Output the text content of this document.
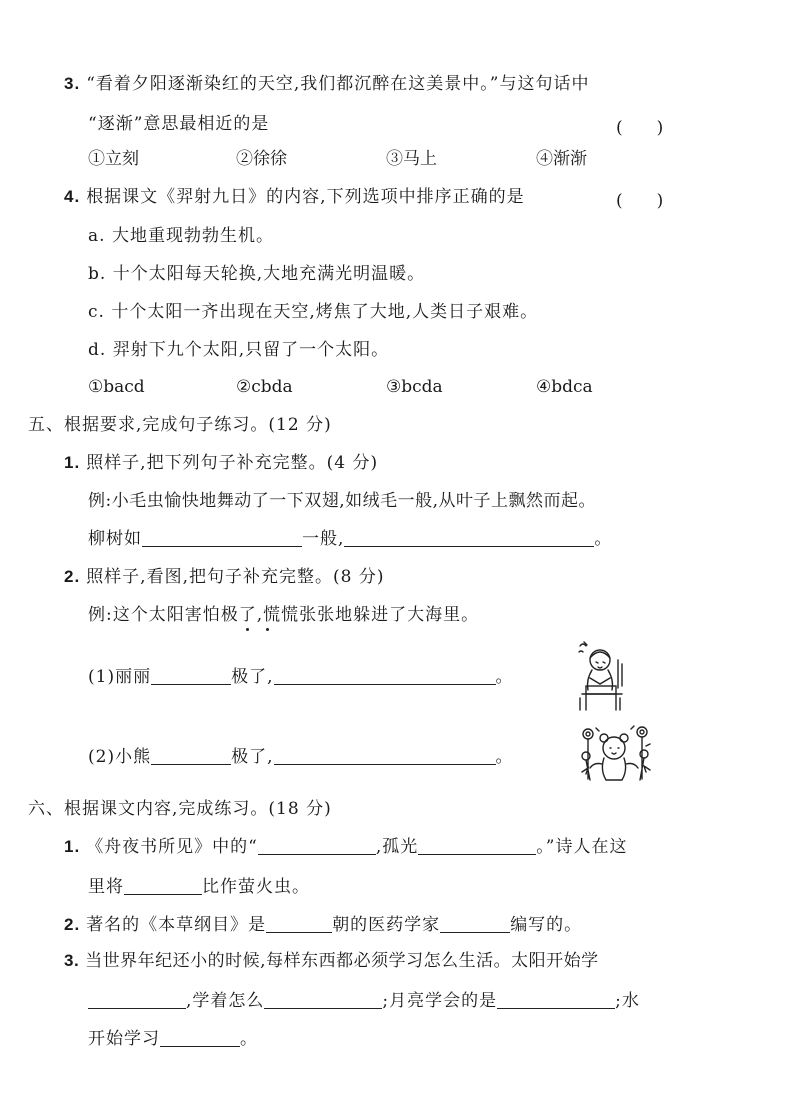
3. “看着夕阳逐渐染红的天空,我们都沉醉在这美景中。”与这句话中
“逐渐”意思最相近的是	(　　)
①立刻	②徐徐	③马上	④渐渐
4. 根据课文《羿射九日》的内容,下列选项中排序正确的是	(　　)
a. 大地重现勃勃生机。
b. 十个太阳每天轮换,大地充满光明温暖。
c. 十个太阳一齐出现在天空,烤焦了大地,人类日子艰难。
d. 羿射下九个太阳,只留了一个太阳。
①bacd	②cbda	③bcda	④bdca
五、根据要求,完成句子练习。(12 分)
1. 照样子,把下列句子补充完整。(4 分)
例:小毛虫愉快地舞动了一下双翅,如绒毛一般,从叶子上飘然而起。
柳树如	一般,	。
2. 照样子,看图,把句子补充完整。(8 分)
例:这个太阳害怕极了,慌慌张张地躲进了大海里。
(1)丽丽	极了,	。
(2)小熊	极了,	。
六、根据课文内容,完成练习。(18 分)
1. 《舟夜书所见》中的“	,孤光	。”诗人在这
里将	比作萤火虫。
2. 著名的《本草纲目》是	朝的医药学家	编写的。
3. 当世界年纪还小的时候,每样东西都必须学习怎么生活。太阳开始学
,学着怎么	;月亮学会的是	;水
开始学习	。
